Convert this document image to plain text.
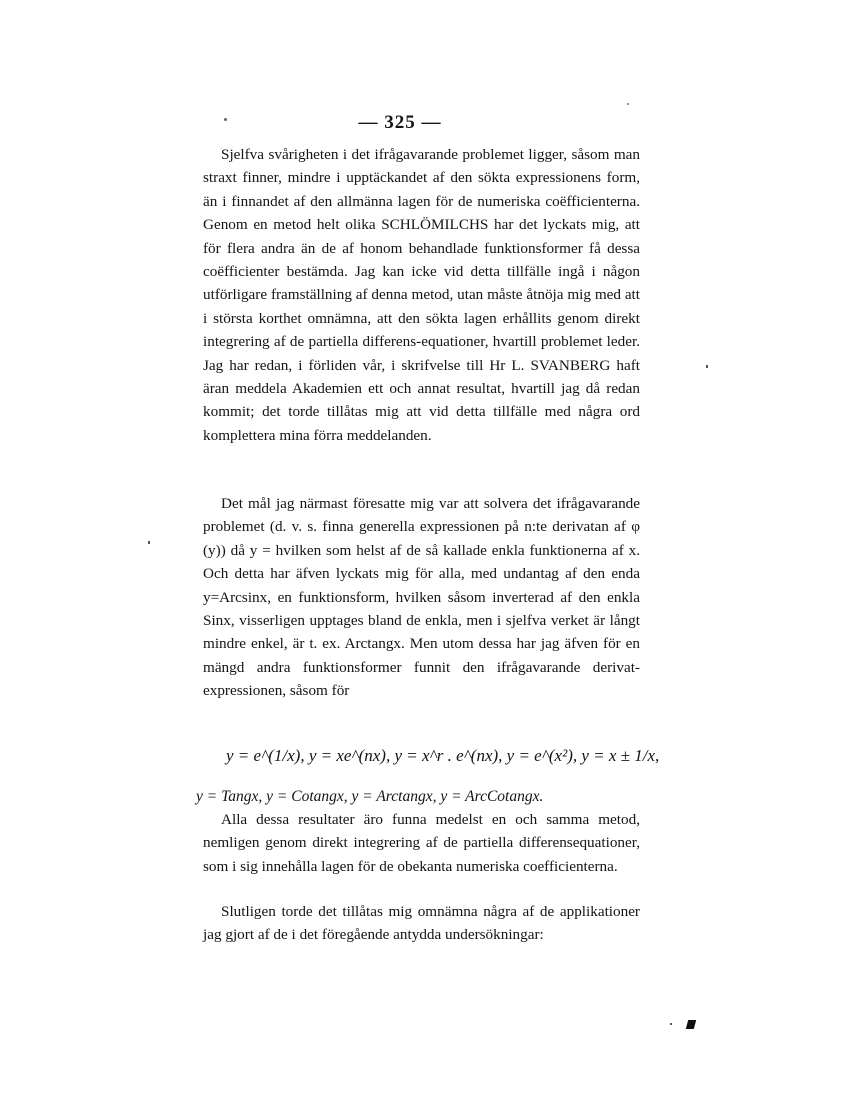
— 325 —

Sjelfva svårigheten i det ifrågavarande problemet ligger, såsom man straxt finner, mindre i upptäckandet af den sökta expressionens form, än i finnandet af den allmänna lagen för de numeriska coëfficienterna. Genom en metod helt olika SCHLÖMILCHS har det lyckats mig, att för flera andra än de af honom behandlade funktionsformer få dessa coëfficienter bestämda. Jag kan icke vid detta tillfälle ingå i någon utförligare framställning af denna metod, utan måste åtnöja mig med att i största korthet omnämna, att den sökta lagen erhållits genom direkt integrering af de partiella differens-equationer, hvartill problemet leder. Jag har redan, i förliden vår, i skrifvelse till Hr L. SVANBERG haft äran meddela Akademien ett och annat resultat, hvartill jag då redan kommit; det torde tillåtas mig att vid detta tillfälle med några ord komplettera mina förra meddelanden.

Det mål jag närmast föresatte mig var att solvera det ifrågavarande problemet (d. v. s. finna generella expressionen på n:te derivatan af φ (y)) då y = hvilken som helst af de så kallade enkla funktionerna af x. Och detta har äfven lyckats mig för alla, med undantag af den enda y=Arcsinx, en funktionsform, hvilken såsom inverterad af den enkla Sinx, visserligen upptages bland de enkla, men i sjelfva verket är långt mindre enkel, är t. ex. Arctangx. Men utom dessa har jag äfven för en mängd andra funktionsformer funnit den ifrågavarande derivat-expressionen, såsom för

y = e^(1/x), y = xe^(nx), y = x^r . e^(nx), y = e^(x²), y = x ± 1/x,
y = Tangx, y = Cotangx, y = Arctangx, y = ArcCotangx.

Alla dessa resultater äro funna medelst en och samma metod, nemligen genom direkt integrering af de partiella differensequationer, som i sig innehålla lagen för de obekanta numeriska coefficienterna.

Slutligen torde det tillåtas mig omnämna några af de applikationer jag gjort af de i det föregående antydda undersökningar:
